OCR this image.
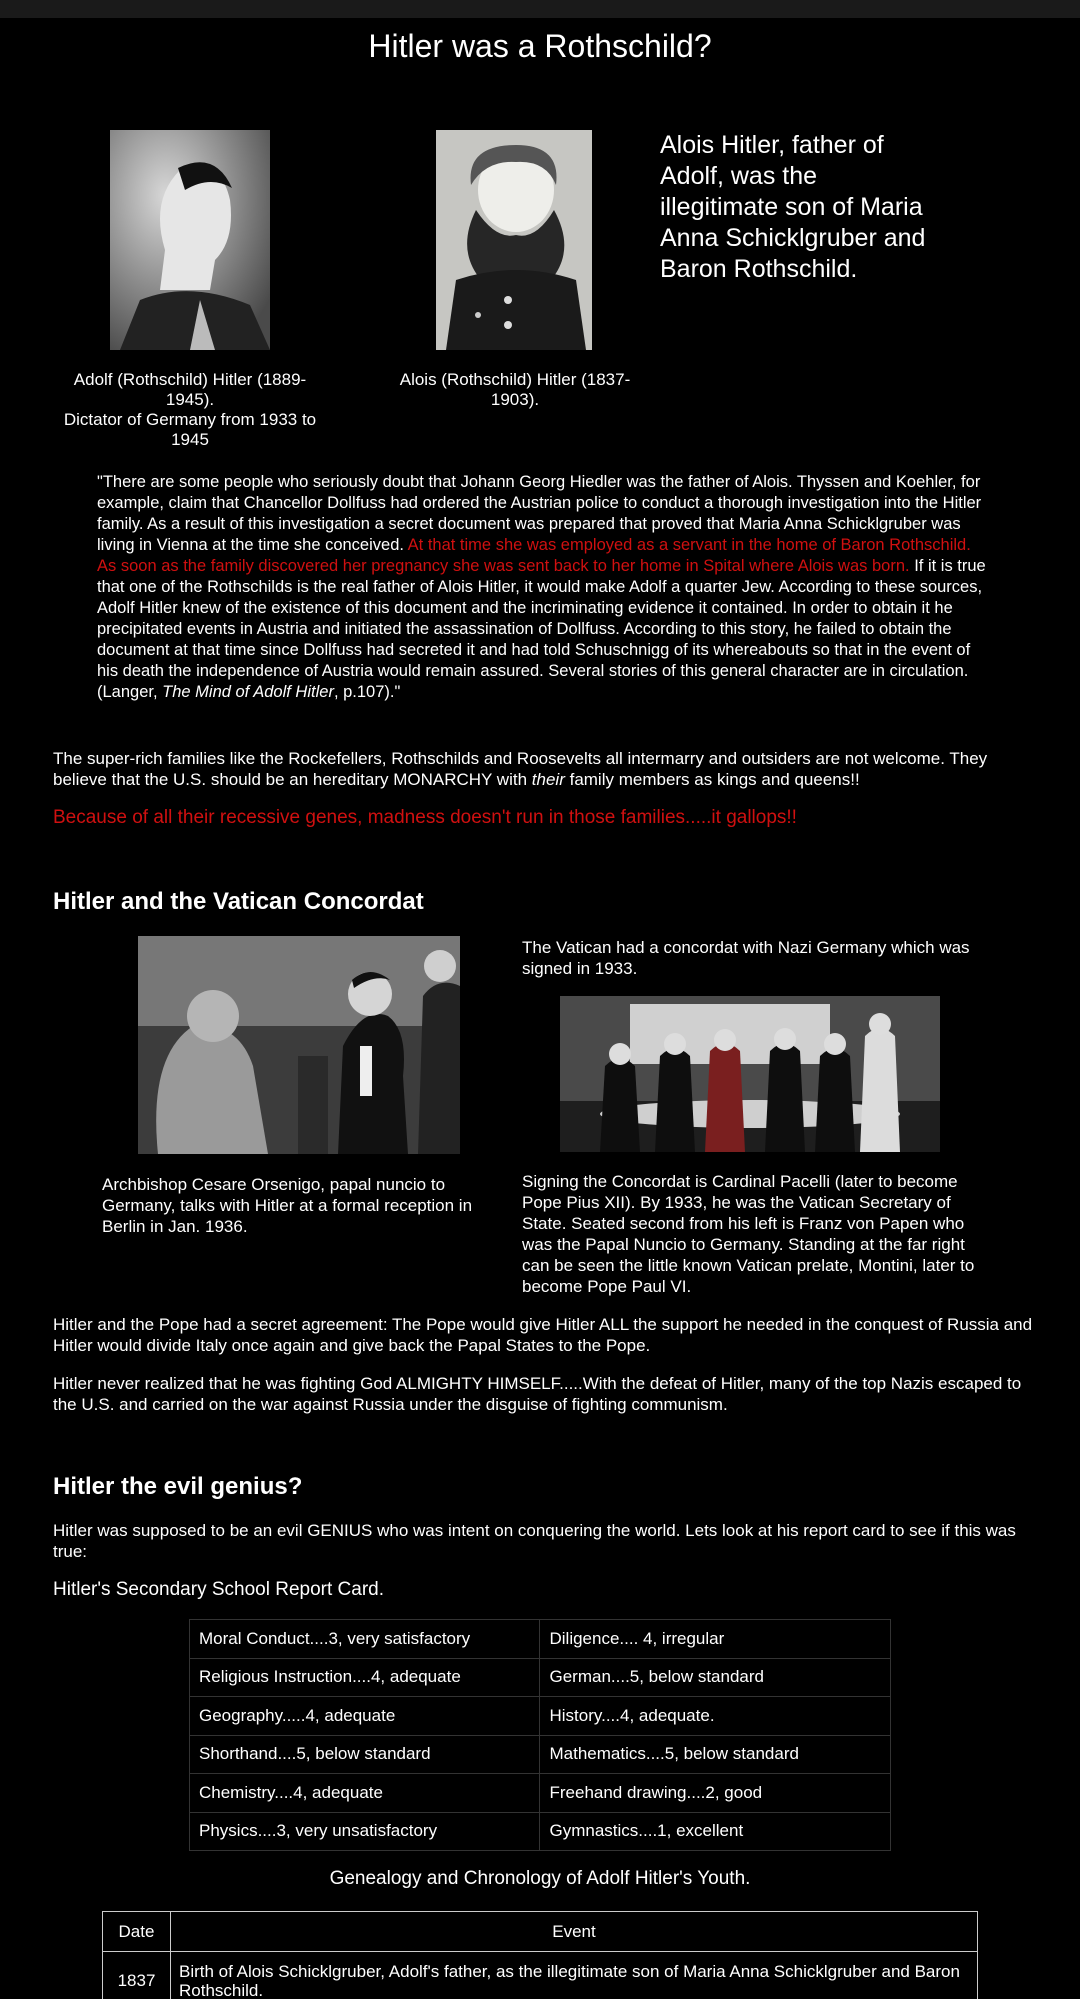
Hitler was a Rothschild?
Adolf (Rothschild) Hitler (1889-1945).
Dictator of Germany from 1933 to 1945
Alois (Rothschild) Hitler (1837-1903).
Alois Hitler, father of Adolf, was the illegitimate son of Maria Anna Schicklgruber and Baron Rothschild.
"There are some people who seriously doubt that Johann Georg Hiedler was the father of Alois. Thyssen and Koehler, for example, claim that Chancellor Dollfuss had ordered the Austrian police to conduct a thorough investigation into the Hitler family. As a result of this investigation a secret document was prepared that proved that Maria Anna Schicklgruber was living in Vienna at the time she conceived. At that time she was employed as a servant in the home of Baron Rothschild. As soon as the family discovered her pregnancy she was sent back to her home in Spital where Alois was born. If it is true that one of the Rothschilds is the real father of Alois Hitler, it would make Adolf a quarter Jew. According to these sources, Adolf Hitler knew of the existence of this document and the incriminating evidence it contained. In order to obtain it he precipitated events in Austria and initiated the assassination of Dollfuss. According to this story, he failed to obtain the document at that time since Dollfuss had secreted it and had told Schuschnigg of its whereabouts so that in the event of his death the independence of Austria would remain assured. Several stories of this general character are in circulation. (Langer, The Mind of Adolf Hitler, p.107)."
The super-rich families like the Rockefellers, Rothschilds and Roosevelts all intermarry and outsiders are not welcome. They believe that the U.S. should be an hereditary MONARCHY with their family members as kings and queens!!
Because of all their recessive genes, madness doesn't run in those families.....it gallops!!
Hitler and the Vatican Concordat
The Vatican had a concordat with Nazi Germany which was signed in 1933.
Archbishop Cesare Orsenigo, papal nuncio to Germany, talks with Hitler at a formal reception in Berlin in Jan. 1936.
Signing the Concordat is Cardinal Pacelli (later to become Pope Pius XII). By 1933, he was the Vatican Secretary of State. Seated second from his left is Franz von Papen who was the Papal Nuncio to Germany. Standing at the far right can be seen the little known Vatican prelate, Montini, later to become Pope Paul VI.
Hitler and the Pope had a secret agreement: The Pope would give Hitler ALL the support he needed in the conquest of Russia and Hitler would divide Italy once again and give back the Papal States to the Pope.
Hitler never realized that he was fighting God ALMIGHTY HIMSELF.....With the defeat of Hitler, many of the top Nazis escaped to the U.S. and carried on the war against Russia under the disguise of fighting communism.
Hitler the evil genius?
Hitler was supposed to be an evil GENIUS who was intent on conquering the world. Lets look at his report card to see if this was true:
Hitler's Secondary School Report Card.
Moral Conduct....3, very satisfactory	Diligence.... 4, irregular
Religious Instruction....4, adequate	German....5, below standard
Geography.....4, adequate	History....4, adequate.
Shorthand....5, below standard	Mathematics....5, below standard
Chemistry....4, adequate	Freehand drawing....2, good
Physics....3, very unsatisfactory	Gymnastics....1, excellent
Genealogy and Chronology of Adolf Hitler's Youth.
Date	Event
1837	Birth of Alois Schicklgruber, Adolf's father, as the illegitimate son of Maria Anna Schicklgruber and Baron Rothschild.
